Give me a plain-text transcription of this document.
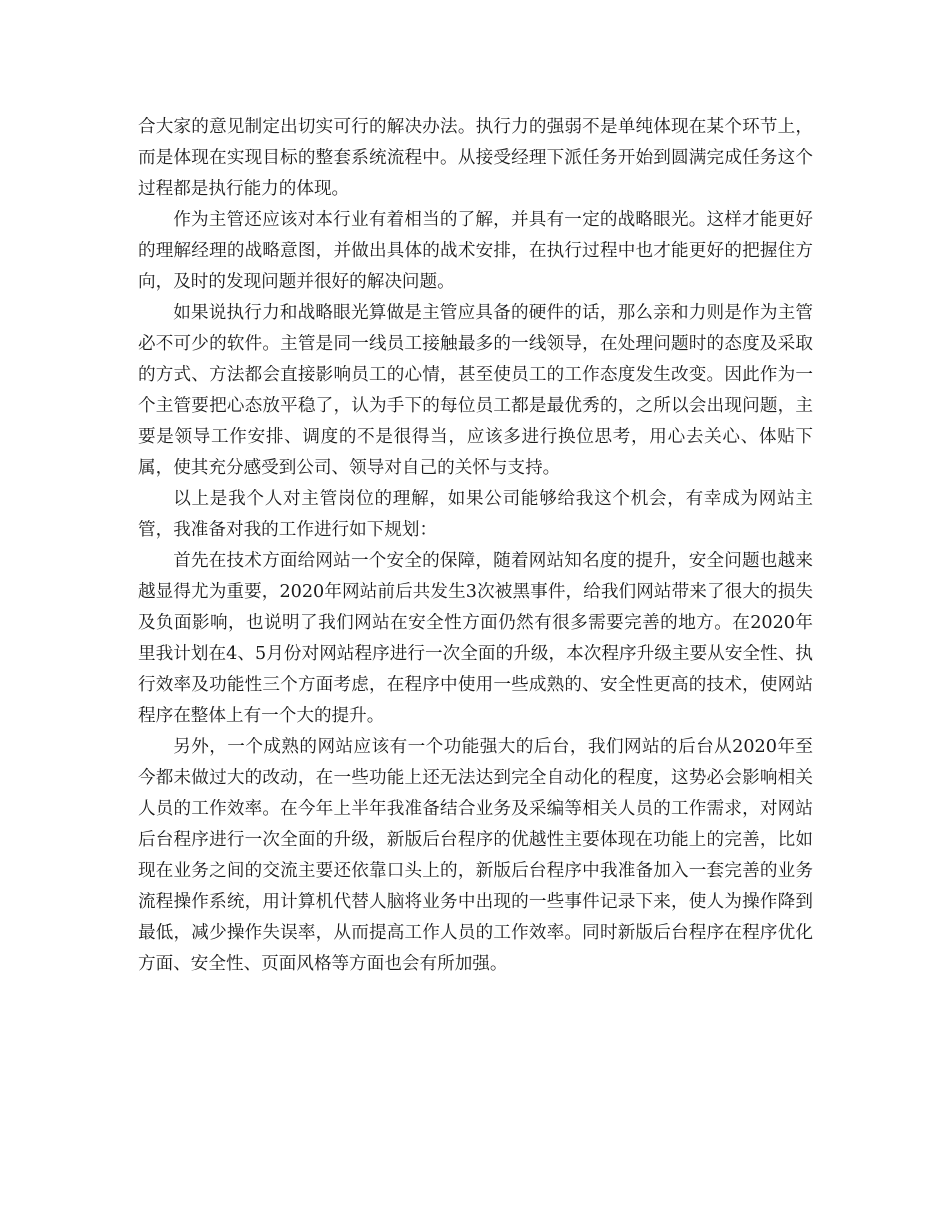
合大家的意见制定出切实可行的解决办法。执行力的强弱不是单纯体现在某个环节上，而是体现在实现目标的整套系统流程中。从接受经理下派任务开始到圆满完成任务这个过程都是执行能力的体现。

作为主管还应该对本行业有着相当的了解，并具有一定的战略眼光。这样才能更好的理解经理的战略意图，并做出具体的战术安排，在执行过程中也才能更好的把握住方向，及时的发现问题并很好的解决问题。

如果说执行力和战略眼光算做是主管应具备的硬件的话，那么亲和力则是作为主管必不可少的软件。主管是同一线员工接触最多的一线领导，在处理问题时的态度及采取的方式、方法都会直接影响员工的心情，甚至使员工的工作态度发生改变。因此作为一个主管要把心态放平稳了，认为手下的每位员工都是最优秀的，之所以会出现问题，主要是领导工作安排、调度的不是很得当，应该多进行换位思考，用心去关心、体贴下属，使其充分感受到公司、领导对自己的关怀与支持。

以上是我个人对主管岗位的理解，如果公司能够给我这个机会，有幸成为网站主管，我准备对我的工作进行如下规划：

首先在技术方面给网站一个安全的保障，随着网站知名度的提升，安全问题也越来越显得尤为重要，2020年网站前后共发生3次被黑事件，给我们网站带来了很大的损失及负面影响，也说明了我们网站在安全性方面仍然有很多需要完善的地方。在2020年里我计划在4、5月份对网站程序进行一次全面的升级，本次程序升级主要从安全性、执行效率及功能性三个方面考虑，在程序中使用一些成熟的、安全性更高的技术，使网站程序在整体上有一个大的提升。

另外，一个成熟的网站应该有一个功能强大的后台，我们网站的后台从2020年至今都未做过大的改动，在一些功能上还无法达到完全自动化的程度，这势必会影响相关人员的工作效率。在今年上半年我准备结合业务及采编等相关人员的工作需求，对网站后台程序进行一次全面的升级，新版后台程序的优越性主要体现在功能上的完善，比如现在业务之间的交流主要还依靠口头上的，新版后台程序中我准备加入一套完善的业务流程操作系统，用计算机代替人脑将业务中出现的一些事件记录下来，使人为操作降到最低，减少操作失误率，从而提高工作人员的工作效率。同时新版后台程序在程序优化方面、安全性、页面风格等方面也会有所加强。
